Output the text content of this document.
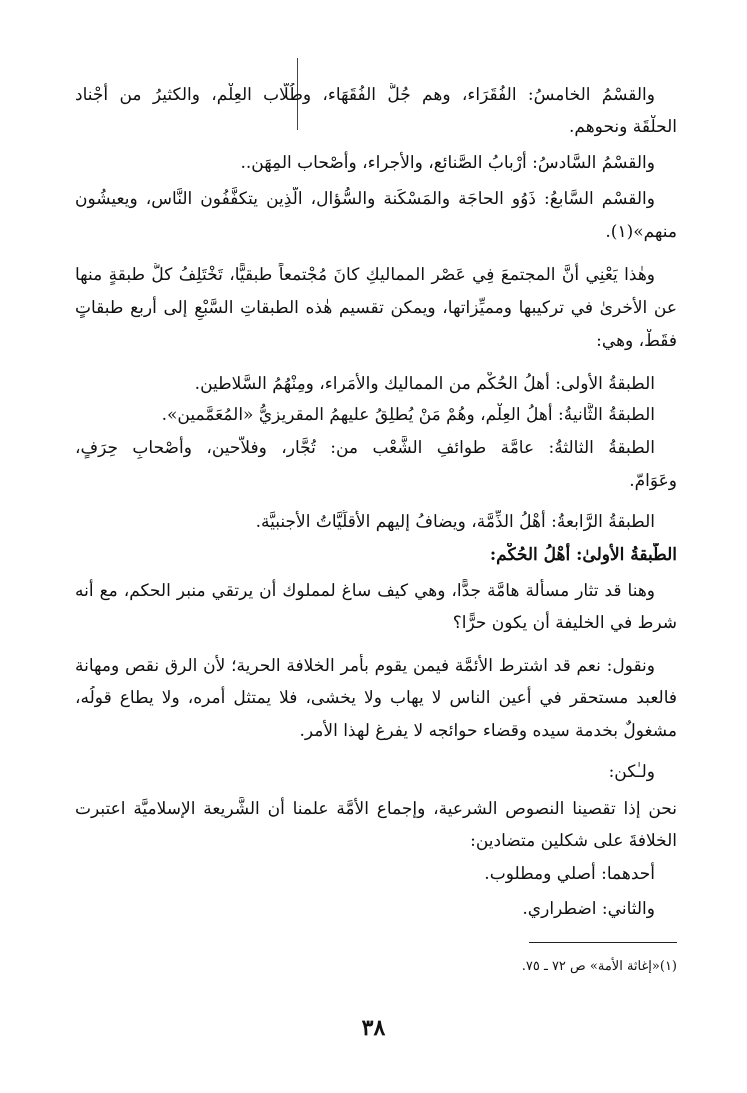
والقسْمُ الخامسُ: الفُقَرَاء، وهم جُلُّ الفُقَهَاء، وطُلَّاب العِلْم، والكثيرُ من أجْناد
الحلْقَة ونحوهم.
والقسْمُ السَّادسُ: أرْبابُ الصَّنائع، والأُجراء، وأصْحاب المِهَن..
والقسْم السَّابعُ: ذَوُو الحاجَة والمَسْكَنة والسُّؤال، الَّذِين يتكفَّفُون النَّاس، ويعيشُون
منهم»(١).
وهٰذا يَعْنِي أنَّ المجتمعَ فِي عَصْر المماليكِ كانَ مُجْتمعاً طبقيًّا، تَخْتَلِفُ كلُّ طبقةٍ منها
عن الأخرىٰ في تركيبها ومميِّزاتها، ويمكن تقسيم هٰذه الطبقاتِ السَّبْعِ إلى أربع طبقاتٍ
فقَطْ، وهي:
الطبقةُ الأولى: أهلُ الحُكْم من المماليك والأُمَراء، ومِنْهُمُ السَّلاطين.
الطبقةُ الثَّانيةُ: أهلُ العِلْم، وهُمْ مَنْ يُطلِقُ عليهمُ المقريزيُّ «المُعَمَّمين».
الطبقةُ الثالثةُ: عامَّة طوائفِ الشَّعْب من: تُجَّار، وفلاَّحين، وأصْحابِ حِرَفٍ،
وعَوَامّ.
الطبقةُ الرَّابعةُ: أهْلُ الذِّمَّة، ويضافُ إليهم الأقلِّيَّاتُ الأجنبيَّة.
الطَّبقةُ الأولىٰ: أهْلُ الحُكْم:
وهنا قد تثار مسألة هامَّة جدًّا، وهي كيف ساغ لمملوك أن يرتقي منبر الحكم، مع أنه
شرط في الخليفة أن يكون حرًّا؟
ونقول: نعم قد اشترط الأئمَّة فيمن يقوم بأمر الخلافة الحرية؛ لأن الرق نقص ومهانة
فالعبد مستحقر في أعين الناس لا يهاب ولا يخشى، فلا يمتثل أمره، ولا يطاع قولُه،
مشغولٌ بخدمة سيده وقضاء حوائجه لا يفرغ لهذا الأمر.
ولـٰكن:
نحن إذا تقصينا النصوص الشرعية، وإجماع الأمَّة علمنا أن الشَّريعة الإسلاميَّة اعتبرت
الخلافةَ على شكلين متضادين:
أحدهما: أصلي ومطلوب.
والثاني: اضطراري.
(١)«إغاثة الأمة» ص ٧٢ ـ ٧٥.
٣٨
